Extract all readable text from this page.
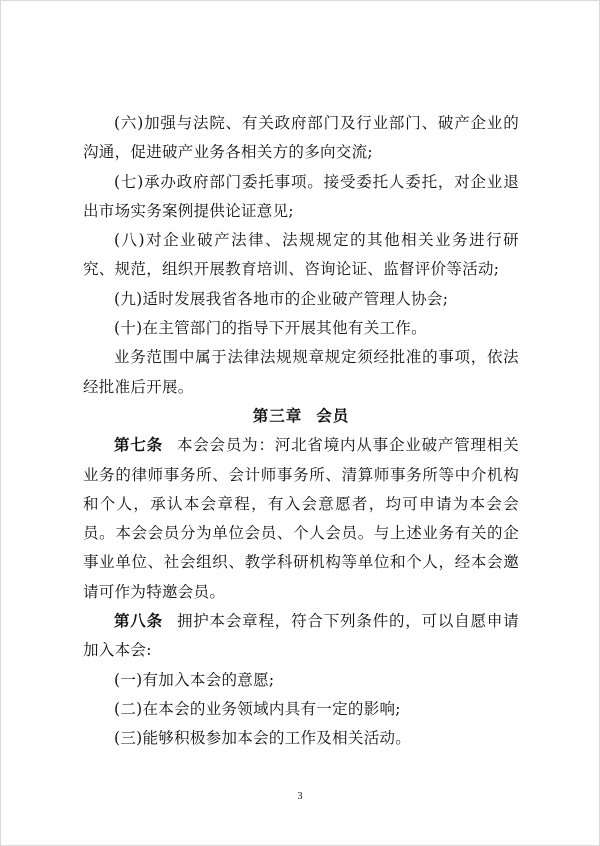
(六)加强与法院、有关政府部门及行业部门、破产企业的沟通，促进破产业务各相关方的多向交流;

(七)承办政府部门委托事项。接受委托人委托，对企业退出市场实务案例提供论证意见;

(八)对企业破产法律、法规规定的其他相关业务进行研究、规范，组织开展教育培训、咨询论证、监督评价等活动;

(九)适时发展我省各地市的企业破产管理人协会;

(十)在主管部门的指导下开展其他有关工作。

业务范围中属于法律法规规章规定须经批准的事项，依法经批准后开展。

第三章 会员

第七条 本会会员为：河北省境内从事企业破产管理相关业务的律师事务所、会计师事务所、清算师事务所等中介机构和个人，承认本会章程，有入会意愿者，均可申请为本会会员。本会会员分为单位会员、个人会员。与上述业务有关的企事业单位、社会组织、教学科研机构等单位和个人，经本会邀请可作为特邀会员。

第八条 拥护本会章程，符合下列条件的，可以自愿申请加入本会:

(一)有加入本会的意愿;

(二)在本会的业务领域内具有一定的影响;

(三)能够积极参加本会的工作及相关活动。

3
